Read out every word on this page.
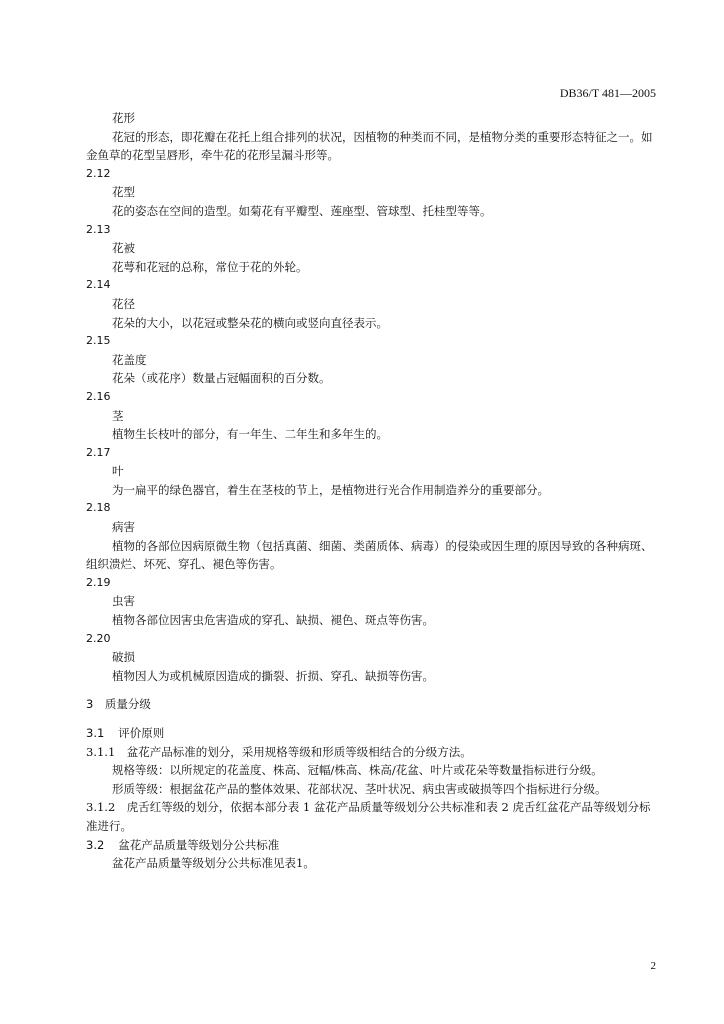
DB36/T 481—2005

花形

花冠的形态，即花瓣在花托上组合排列的状况，因植物的种类而不同，是植物分类的重要形态特征之一。如金鱼草的花型呈唇形，牵牛花的花形呈漏斗形等。

2.12

花型

花的姿态在空间的造型。如菊花有平瓣型、莲座型、管球型、托桂型等等。

2.13

花被

花萼和花冠的总称，常位于花的外轮。

2.14

花径

花朵的大小，以花冠或整朵花的横向或竖向直径表示。

2.15

花盖度

花朵（或花序）数量占冠幅面积的百分数。

2.16

茎

植物生长枝叶的部分，有一年生、二年生和多年生的。

2.17

叶

为一扁平的绿色器官，着生在茎枝的节上，是植物进行光合作用制造养分的重要部分。

2.18

病害

植物的各部位因病原微生物（包括真菌、细菌、类菌质体、病毒）的侵染或因生理的原因导致的各种病斑、组织溃烂、坏死、穿孔、褪色等伤害。

2.19

虫害

植物各部位因害虫危害造成的穿孔、缺损、褪色、斑点等伤害。

2.20

破损

植物因人为或机械原因造成的撕裂、折损、穿孔、缺损等伤害。

3　质量分级

3.1 评价原则

3.1.1　盆花产品标准的划分，采用规格等级和形质等级相结合的分级方法。

规格等级：以所规定的花盖度、株高、冠幅/株高、株高/花盆、叶片或花朵等数量指标进行分级。

形质等级：根据盆花产品的整体效果、花部状况、茎叶状况、病虫害或破损等四个指标进行分级。

3.1.2　虎舌红等级的划分，依据本部分表 1 盆花产品质量等级划分公共标准和表 2 虎舌红盆花产品等级划分标准进行。

3.2 盆花产品质量等级划分公共标准

盆花产品质量等级划分公共标准见表1。

2
